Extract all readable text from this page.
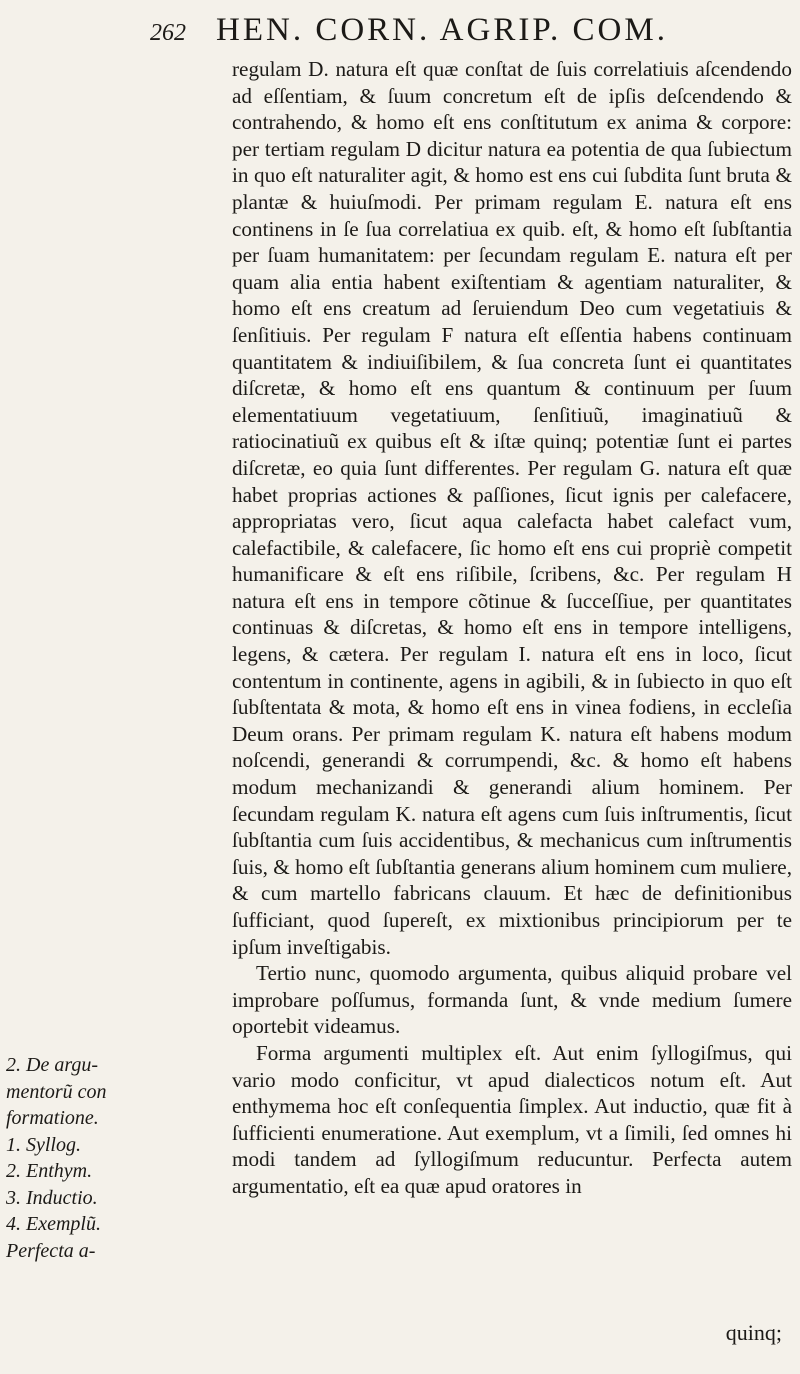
262 HEN. CORN. AGRIP. COM.

regulam D. natura eſt quæ conſtat de ſuis correlatiuis aſcendendo ad eſſentiam, & ſuum concretum eſt de ipſis deſcendendo & contrahendo, & homo eſt ens conſtitutum ex anima & corpore: per tertiam regulam D dicitur natura ea potentia de qua ſubiectum in quo eſt naturaliter agit, & homo est ens cui ſubdita ſunt bruta & plantæ & huiuſmodi. Per primam regulam E. natura eſt ens continens in ſe ſua correlatiua ex quib. eſt, & homo eſt ſubſtantia per ſuam humanitatem: per ſecundam regulam E. natura eſt per quam alia entia habent exiſtentiam & agentiam naturaliter, & homo eſt ens creatum ad ſeruiendum Deo cum vegetatiuis & ſenſitiuis. Per regulam F natura eſt eſſentia habens continuam quantitatem & indiuiſibilem, & ſua concreta ſunt ei quantitates diſcretæ, & homo eſt ens quantum & continuum per ſuum elementatiuum vegetatiuum, ſenſitiuũ, imaginatiuũ & ratiocinatiuũ ex quibus eſt & iſtæ quinq; potentiæ ſunt ei partes diſcretæ, eo quia ſunt differentes. Per regulam G. natura eſt quæ habet proprias actiones & paſſiones, ſicut ignis per calefacere, appropriatas vero, ſicut aqua calefacta habet calefact vum, calefactibile, & calefacere, ſic homo eſt ens cui propriè competit humanificare & eſt ens riſibile, ſcribens, &c. Per regulam H natura eſt ens in tempore cõtinue & ſucceſſiue, per quantitates continuas & diſcretas, & homo eſt ens in tempore intelligens, legens, & cætera. Per regulam I. natura eſt ens in loco, ſicut contentum in continente, agens in agibili, & in ſubiecto in quo eſt ſubſtentata & mota, & homo eſt ens in vinea fodiens, in eccleſia Deum orans. Per primam regulam K. natura eſt habens modum noſcendi, generandi & corrumpendi, &c. & homo eſt habens modum mechanizandi & generandi alium hominem. Per ſecundam regulam K. natura eſt agens cum ſuis inſtrumentis, ſicut ſubſtantia cum ſuis accidentibus, & mechanicus cum inſtrumentis ſuis, & homo eſt ſubſtantia generans alium hominem cum muliere, & cum martello fabricans clauum. Et hæc de definitionibus ſufficiant, quod ſupereſt, ex mixtionibus principiorum per te ipſum inveſtigabis.

Tertio nunc, quomodo argumenta, quibus aliquid probare vel improbare poſſumus, formanda ſunt, & vnde medium ſumere oportebit videamus.

Forma argumenti multiplex eſt. Aut enim ſyllogiſmus, qui vario modo conficitur, vt apud dialecticos notum eſt. Aut enthymema hoc eſt conſequentia ſimplex. Aut inductio, quæ fit à ſufficienti enumeratione. Aut exemplum, vt a ſimili, ſed omnes hi modi tandem ad ſyllogiſmum reducuntur. Perfecta autem argumentatio, eſt ea quæ apud oratores in

2. De argu-
mentorũ con
formatione.
1. Syllog.
2. Enthym.
3. Inductio.
4. Exemplũ.
Perfecta a-
quinq;
